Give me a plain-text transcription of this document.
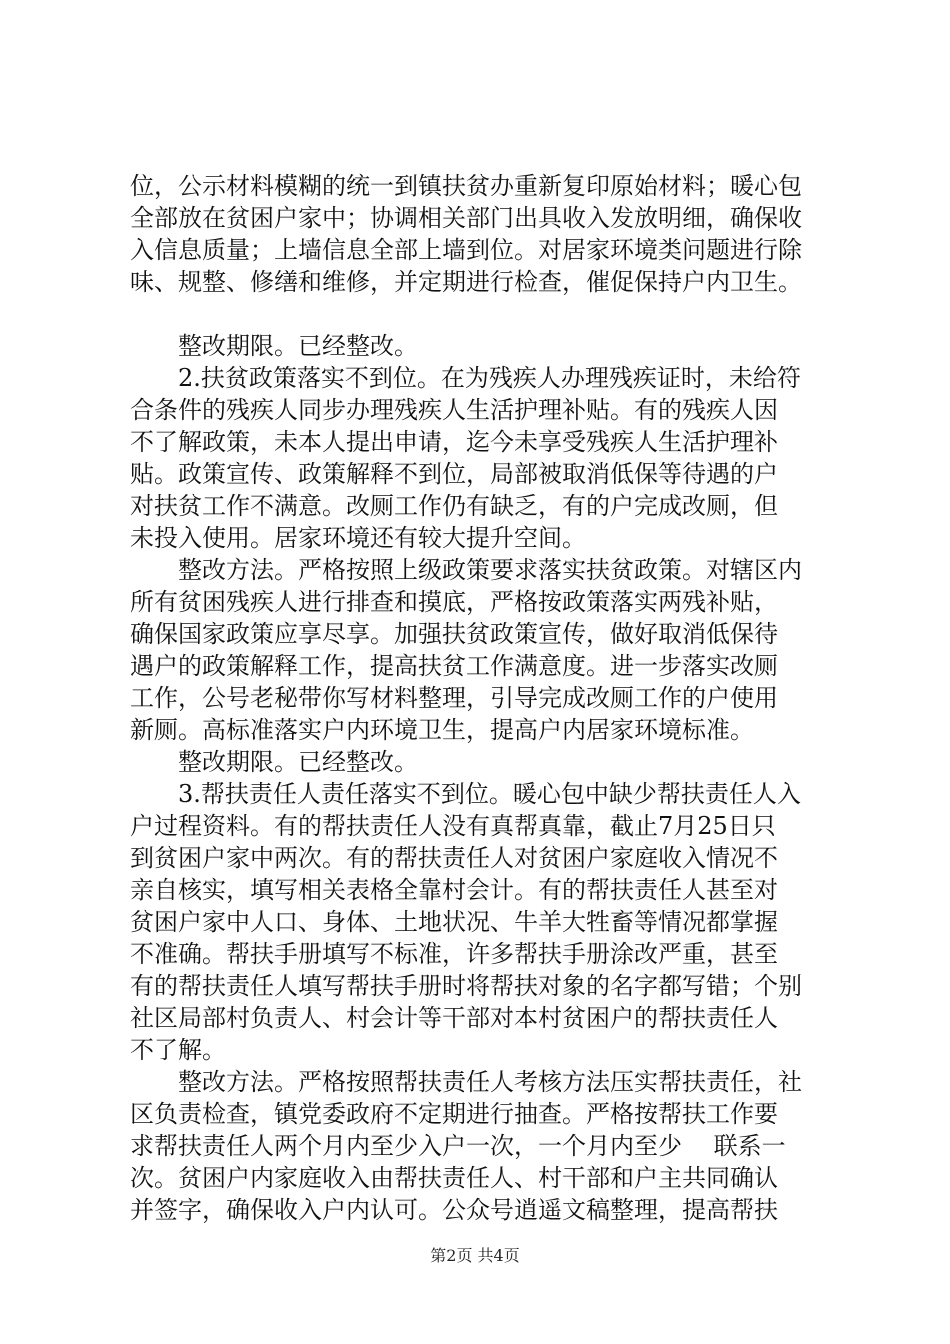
位，公示材料模糊的统一到镇扶贫办重新复印原始材料；暖心包
全部放在贫困户家中；协调相关部门出具收入发放明细，确保收
入信息质量；上墙信息全部上墙到位。对居家环境类问题进行除
味、规整、修缮和维修，并定期进行检查，催促保持户内卫生。
整改期限。已经整改。
2.扶贫政策落实不到位。在为残疾人办理残疾证时，未给符
合条件的残疾人同步办理残疾人生活护理补贴。有的残疾人因
不了解政策，未本人提出申请，迄今未享受残疾人生活护理补
贴。政策宣传、政策解释不到位，局部被取消低保等待遇的户
对扶贫工作不满意。改厕工作仍有缺乏，有的户完成改厕，但
未投入使用。居家环境还有较大提升空间。
整改方法。严格按照上级政策要求落实扶贫政策。对辖区内
所有贫困残疾人进行排查和摸底，严格按政策落实两残补贴，
确保国家政策应享尽享。加强扶贫政策宣传，做好取消低保待
遇户的政策解释工作，提高扶贫工作满意度。进一步落实改厕
工作，公号老秘带你写材料整理，引导完成改厕工作的户使用
新厕。高标准落实户内环境卫生，提高户内居家环境标准。
整改期限。已经整改。
3.帮扶责任人责任落实不到位。暖心包中缺少帮扶责任人入
户过程资料。有的帮扶责任人没有真帮真靠，截止7月25日只
到贫困户家中两次。有的帮扶责任人对贫困户家庭收入情况不
亲自核实，填写相关表格全靠村会计。有的帮扶责任人甚至对
贫困户家中人口、身体、土地状况、牛羊大牲畜等情况都掌握
不准确。帮扶手册填写不标准，许多帮扶手册涂改严重，甚至
有的帮扶责任人填写帮扶手册时将帮扶对象的名字都写错；个别
社区局部村负责人、村会计等干部对本村贫困户的帮扶责任人
不了解。
整改方法。严格按照帮扶责任人考核方法压实帮扶责任，社
区负责检查，镇党委政府不定期进行抽查。严格按帮扶工作要
求帮扶责任人两个月内至少入户一次，一个月内至少　 联系一
次。贫困户内家庭收入由帮扶责任人、村干部和户主共同确认
并签字，确保收入户内认可。公众号逍遥文稿整理，提高帮扶
第2页 共4页
